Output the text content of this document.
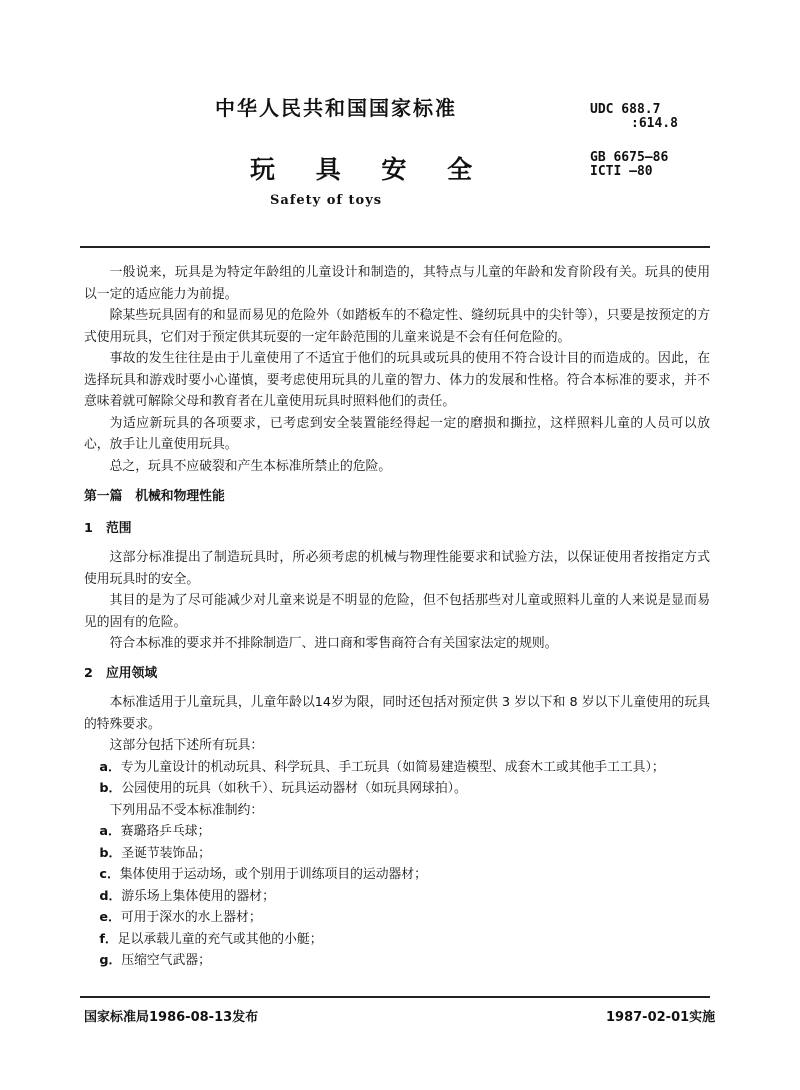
中华人民共和国国家标准
玩 具 安 全
Safety of toys
UDC 688.7
:614.8
GB 6675—86
ICTI —80

一般说来，玩具是为特定年龄组的儿童设计和制造的，其特点与儿童的年龄和发育阶段有关。玩具的使用以一定的适应能力为前提。

除某些玩具固有的和显而易见的危险外（如踏板车的不稳定性、缝纫玩具中的尖针等），只要是按预定的方式使用玩具，它们对于预定供其玩耍的一定年龄范围的儿童来说是不会有任何危险的。

事故的发生往往是由于儿童使用了不适宜于他们的玩具或玩具的使用不符合设计目的而造成的。因此，在选择玩具和游戏时要小心谨慎，要考虑使用玩具的儿童的智力、体力的发展和性格。符合本标准的要求，并不意味着就可解除父母和教育者在儿童使用玩具时照料他们的责任。

为适应新玩具的各项要求，已考虑到安全装置能经得起一定的磨损和撕拉，这样照料儿童的人员可以放心，放手让儿童使用玩具。

总之，玩具不应破裂和产生本标准所禁止的危险。

第一篇　机械和物理性能

1 范围

这部分标准提出了制造玩具时，所必须考虑的机械与物理性能要求和试验方法，以保证使用者按指定方式使用玩具时的安全。

其目的是为了尽可能减少对儿童来说是不明显的危险，但不包括那些对儿童或照料儿童的人来说是显而易见的固有的危险。

符合本标准的要求并不排除制造厂、进口商和零售商符合有关国家法定的规则。

2 应用领域

本标准适用于儿童玩具，儿童年龄以14岁为限，同时还包括对预定供 3 岁以下和 8 岁以下儿童使用的玩具的特殊要求。

这部分包括下述所有玩具：

a．专为儿童设计的机动玩具、科学玩具、手工玩具（如简易建造模型、成套木工或其他手工工具）；

b．公园使用的玩具（如秋千）、玩具运动器材（如玩具网球拍）。

下列用品不受本标准制约：

a．赛璐珞乒乓球；

b．圣诞节装饰品；

c．集体使用于运动场，或个别用于训练项目的运动器材；

d．游乐场上集体使用的器材；

e．可用于深水的水上器材；

f．足以承载儿童的充气或其他的小艇；

g．压缩空气武器；

国家标准局1986-08-13发布	1987-02-01实施
